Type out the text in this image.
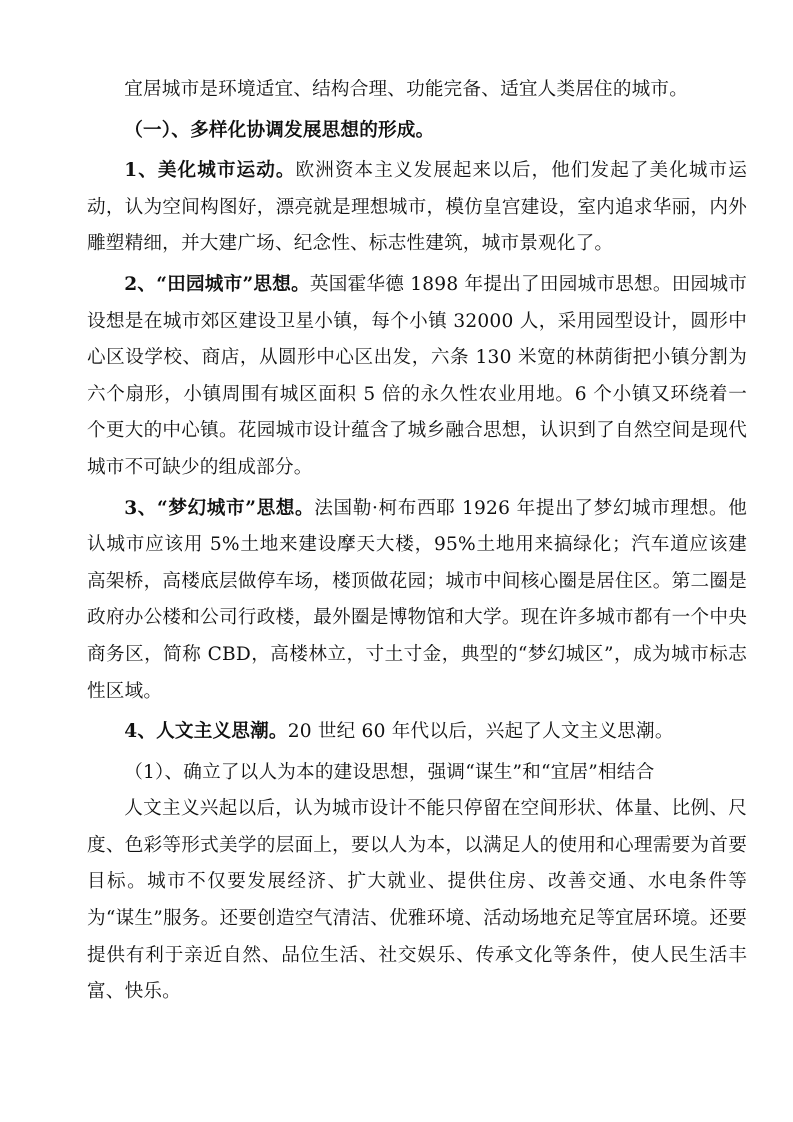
宜居城市是环境适宜、结构合理、功能完备、适宜人类居住的城市。

（一）、多样化协调发展思想的形成。

1、美化城市运动。欧洲资本主义发展起来以后，他们发起了美化城市运动，认为空间构图好，漂亮就是理想城市，模仿皇宫建设，室内追求华丽，内外雕塑精细，并大建广场、纪念性、标志性建筑，城市景观化了。

2、“田园城市”思想。英国霍华德 1898 年提出了田园城市思想。田园城市设想是在城市郊区建设卫星小镇，每个小镇 32000 人，采用园型设计，圆形中心区设学校、商店，从圆形中心区出发，六条 130 米宽的林荫街把小镇分割为六个扇形，小镇周围有城区面积 5 倍的永久性农业用地。6 个小镇又环绕着一个更大的中心镇。花园城市设计蕴含了城乡融合思想，认识到了自然空间是现代城市不可缺少的组成部分。

3、“梦幻城市”思想。法国勒·柯布西耶 1926 年提出了梦幻城市理想。他认城市应该用 5%土地来建设摩天大楼，95%土地用来搞绿化；汽车道应该建高架桥，高楼底层做停车场，楼顶做花园；城市中间核心圈是居住区。第二圈是政府办公楼和公司行政楼，最外圈是博物馆和大学。现在许多城市都有一个中央商务区，简称 CBD，高楼林立，寸土寸金，典型的“梦幻城区”，成为城市标志性区域。

4、人文主义思潮。20 世纪 60 年代以后，兴起了人文主义思潮。

（1）、确立了以人为本的建设思想，强调“谋生”和“宜居”相结合

人文主义兴起以后，认为城市设计不能只停留在空间形状、体量、比例、尺度、色彩等形式美学的层面上，要以人为本，以满足人的使用和心理需要为首要目标。城市不仅要发展经济、扩大就业、提供住房、改善交通、水电条件等为“谋生”服务。还要创造空气清洁、优雅环境、活动场地充足等宜居环境。还要提供有利于亲近自然、品位生活、社交娱乐、传承文化等条件，使人民生活丰富、快乐。
